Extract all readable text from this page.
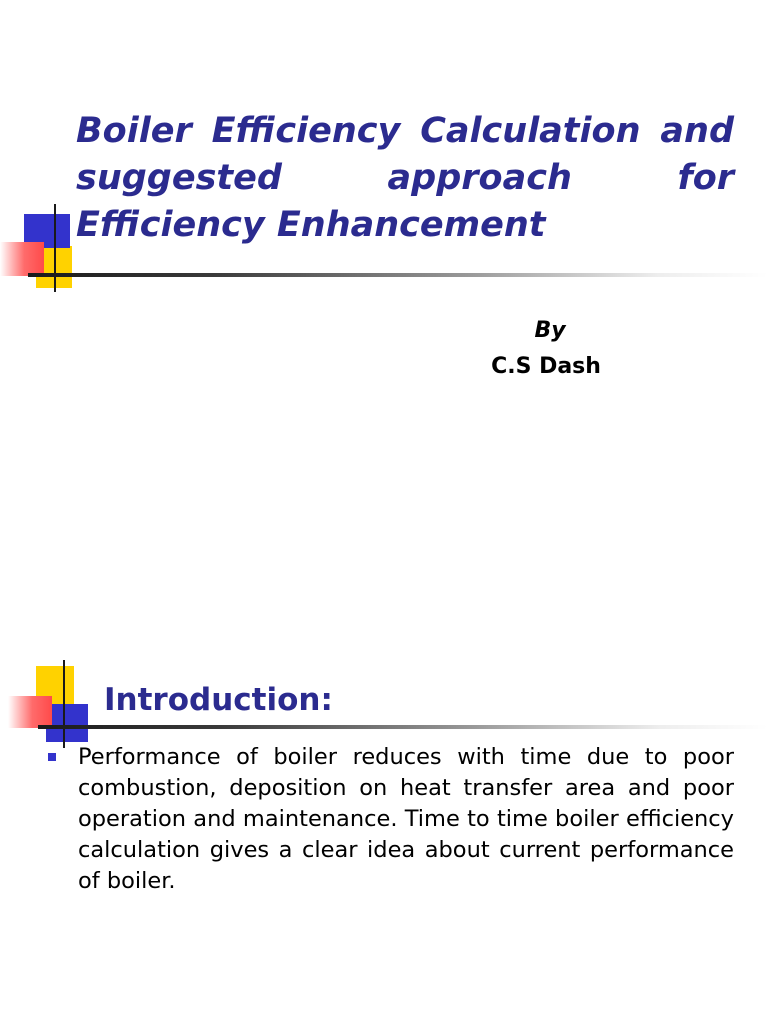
Boiler Efficiency Calculation and suggested approach for Efficiency Enhancement

By

C.S Dash

Introduction:
Performance of boiler reduces with time due to poor combustion, deposition on heat transfer area and poor operation and maintenance. Time to time boiler efficiency calculation gives a clear idea about current performance of boiler.
